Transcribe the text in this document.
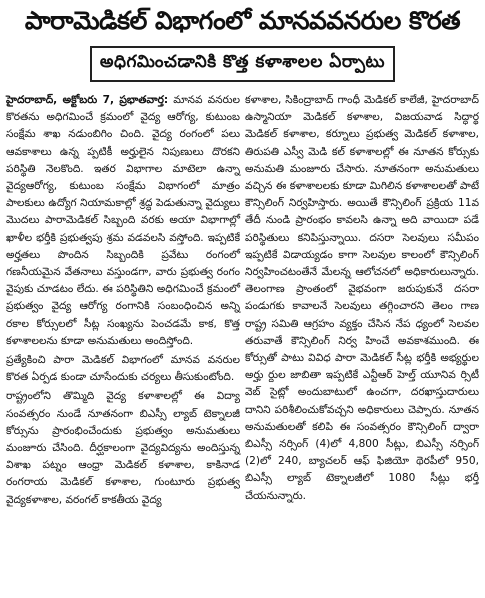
పారామెడికల్ విభాగంలో మానవవనరుల కొరత
అధిగమించడానికి కొత్త కళాశాలల ఏర్పాటు

హైదరాబాద్, అక్టోబరు 7, ప్రభాతవార్త: మానవ వనరుల కొరతను అధిగమించే క్రమంలో వైద్య ఆరోగ్య, కుటుంబ సంక్షేమ శాఖ నడుంబిగిం చింది. వైద్య రంగంలో పలు ఆవకాశాలు ఉన్న ప్పటికీ అర్హులైన నిపుణులు దొరకని పరిస్థితి నెలకొంది. ఇతర విభాగాల మాటెలా ఉన్నా వైద్యఆరోగ్య, కుటుంబ సంక్షేమ విభాగంలో మాత్రం పాలకులు ఉద్యోగ నియామకాల్లో శ్రద్ధ పెడుతున్నా వైద్యులు మొదలు పారామెడికల్ సిబ్బంది వరకు అయా విభాగాల్లో ఖాళీల భర్తీకి ప్రభుత్వపు శ్రమ వడవలసి వస్తోంది. ఇప్పటికే అర్హతలు పొందిన సిబ్బందికి ప్రవేటు రంగంలో గణనీయమైన వేతనాలు వస్తుండగా, వారు ప్రభుత్వ రంగం వైపుకు చూడటం లేదు. ఈ పరిస్థితిని అధిగమించే క్రమంలో ప్రభుత్వం వైద్య ఆరోగ్య రంగానికి సంబంధించిన అన్ని రకాల కోర్సులలో సీట్ల సంఖ్యను పెంచడమే కాక, కొత్త కళాశాలలను కూడా అనుమతులు అందిస్తోంది.

ప్రత్యేకించి పారా మెడికల్ విభాగంలో మానవ వనరుల కొరత ఏర్పడ కుండా చూసేందుకు చర్యలు తీసుకుంటోంది.

రాష్ట్రంలోని తొమ్మిది వైద్య కళాశాలల్లో ఈ విద్యా సంవత్సరం నుండే నూతనంగా బిఎస్సీ ల్యాబ్ టెక్నాలజీ కోర్సును ప్రారంభించేందుకు ప్రభుత్వం అనుమతులు మంజూరు చేసింది. దీర్ఘకాలంగా వైద్యవిద్యను అందిస్తున్న విశాఖ పట్నం ఆంధ్రా మెడికల్ కళాశాల, కాకినాడ రంగరాయ మెడికల్ కళాశాల, గుంటూరు ప్రభుత్వ వైద్యకళాశాల, వరంగల్ కాకతీయ వైద్య

కళాశాల, సికింద్రాబాద్ గాంధీ మెడికల్ కాలేజీ, హైదరాబాద్ ఉస్మానియా మెడికల్ కళాశాల, విజయవాడ సిద్ధార్థ మెడికల్ కళాశాల, కర్నూలు ప్రభుత్వ మెడికల్ కళాశాల, తిరుపతి ఎస్వీ మెడి కల్ కళాశాలల్లో ఈ నూతన కోర్సుకు అనుమతి మంజూరు చేసారు. నూతనంగా అనుమతులు వచ్చిన ఈ కళాశాలలకు కూడా మిగిలిన కళాశాలలతో పాటే కౌన్సిలింగ్ నిర్వహిస్తారు. అయితే కౌన్సిలింగ్ ప్రక్రియ 11వ తేదీ నుండి ప్రారంభం కావలసి ఉన్నా అది వాయిదా పడే పరిస్థితులు కనిపిస్తున్నాయి. దసరా సెలవులు సమీపం ఇప్పటికే విడాయ్యడం కాగా సెలవుల కాలంలో కౌన్సిలింగ్ నిర్వహించటంతేనే మేలన్న ఆలోచనలో అధికారులున్నారు. తెలంగాణ ప్రాంతంలో వైభవంగా జరుపుకునే దసరా పండుగకు కావాలనే సెలవులు తగ్గించారని తెలం గాణ రాష్ట్ర సమితి ఆగ్రహం వ్యక్తం చేసిన నేప ధ్యంలో సెలవల తరువాతే కౌన్సిలింగ్ నిర్వ హించే అవకాశముంది. ఈ కోర్సుతో పాటు వివిధ పారా మెడికల్ సీట్ల భర్తీకి అభ్యర్థుల అర్హు ర్దుల జాబితా ఇప్పటికే ఎన్టీఆర్ హెల్త్ యూనివ ర్సిటీ వెబ్ సైట్లో అందుబాటులో ఉంచగా, దరఖాస్తుదారులు దానిని పరిశీలించుకోవచ్చని అధికారులు చెప్పారు. నూతన అనుమతులతో కలిపి ఈ సంవత్సరం కౌన్సిలింగ్ ద్వారా బిఎస్సీ నర్సింగ్ (4)లో 4,800 సీట్లు, బిఎస్సీ నర్సింగ్ (2)లో 240, బ్యాచలర్ ఆఫ్ ఫిజియో థెరపీలో 950, బిఎస్సీ ల్యాబ్ టెక్నాలజీలో 1080 సీట్లు భర్తీ చేయనున్నారు.
